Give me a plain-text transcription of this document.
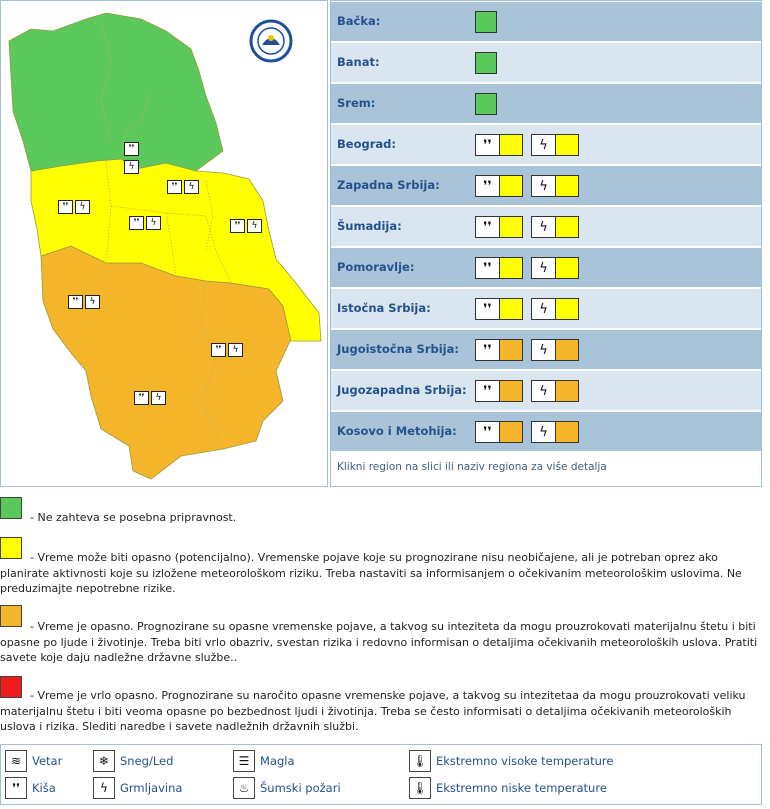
❜❜
ϟ
❜❜	ϟ
❜❜	ϟ
❜❜	ϟ	❜❜	ϟ
❜❜	ϟ
❜❜	ϟ
❜❜	ϟ
Bačka:
Banat:
Srem:
Beograd:	❜❜	ϟ
Zapadna Srbija:	❜❜	ϟ
Šumadija:	❜❜	ϟ
Pomoravlje:	❜❜	ϟ
Istočna Srbija:	❜❜	ϟ
Jugoistočna Srbija:	❜❜	ϟ
Jugozapadna Srbija:	❜❜	ϟ
Kosovo i Metohija:	❜❜	ϟ
Klikni region na slici ili naziv regiona za više detalja
- Ne zahteva se posebna pripravnost.
- Vreme može biti opasno (potencijalno). Vremenske pojave koje su prognozirane nisu neobičajene, ali je potreban oprez ako planirate aktivnosti koje su izložene meteorološkom riziku. Treba nastaviti sa informisanjem o očekivanim meteorološkim uslovima. Ne preduzimajte nepotrebne rizike.
- Vreme je opasno. Prognozirane su opasne vremenske pojave, a takvog su inteziteta da mogu prouzrokovati materijalnu štetu i biti opasne po ljude i životinje. Treba biti vrlo obazriv, svestan rizika i redovno informisan o detaljima očekivanih meteoroloških uslova. Pratiti savete koje daju nadležne državne službe..
- Vreme je vrlo opasno. Prognozirane su naročito opasne vremenske pojave, a takvog su intezitetaa da mogu prouzrokovati veliku materijalnu štetu i biti veoma opasne po bezbednost ljudi i životinja. Treba se često informisati o detaljima očekivanih meteoroloških uslova i rizika. Slediti naredbe i savete nadležnih državnih službi.
≋ Vetar	❄ Sneg/Led	☰ Magla	🌡 Ekstremno visoke temperature
❜❜	Kiša	ϟ	Grmljavina	♨ Šumski požari	🌡 Ekstremno niske temperature
